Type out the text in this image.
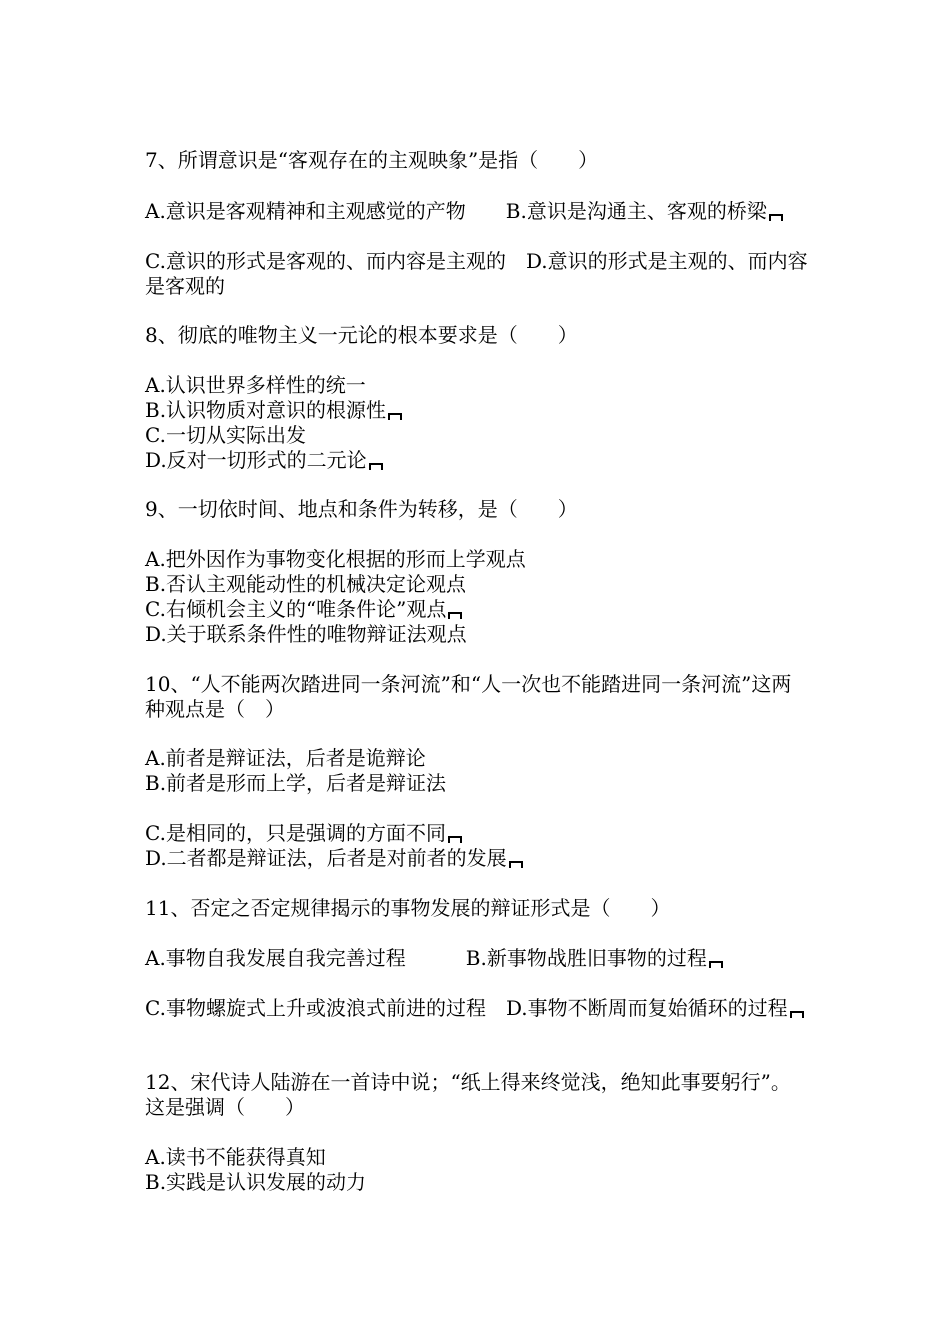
7、所谓意识是“客观存在的主观映象”是指（　　）
A.意识是客观精神和主观感觉的产物　　B.意识是沟通主、客观的桥梁
C.意识的形式是客观的、而内容是主观的　D.意识的形式是主观的、而内容是客观的
8、彻底的唯物主义一元论的根本要求是（　　）
A.认识世界多样性的统一
B.认识物质对意识的根源性
C.一切从实际出发
D.反对一切形式的二元论
9、一切依时间、地点和条件为转移，是（　　）
A.把外因作为事物变化根据的形而上学观点
B.否认主观能动性的机械决定论观点
C.右倾机会主义的“唯条件论”观点
D.关于联系条件性的唯物辩证法观点
10、“人不能两次踏进同一条河流”和“人一次也不能踏进同一条河流”这两种观点是（　）
A.前者是辩证法，后者是诡辩论
B.前者是形而上学，后者是辩证法
C.是相同的，只是强调的方面不同
D.二者都是辩证法，后者是对前者的发展
11、否定之否定规律揭示的事物发展的辩证形式是（　　）
A.事物自我发展自我完善过程　　　B.新事物战胜旧事物的过程
C.事物螺旋式上升或波浪式前进的过程　D.事物不断周而复始循环的过程
12、宋代诗人陆游在一首诗中说；“纸上得来终觉浅，绝知此事要躬行”。这是强调（　　）
A.读书不能获得真知
B.实践是认识发展的动力
